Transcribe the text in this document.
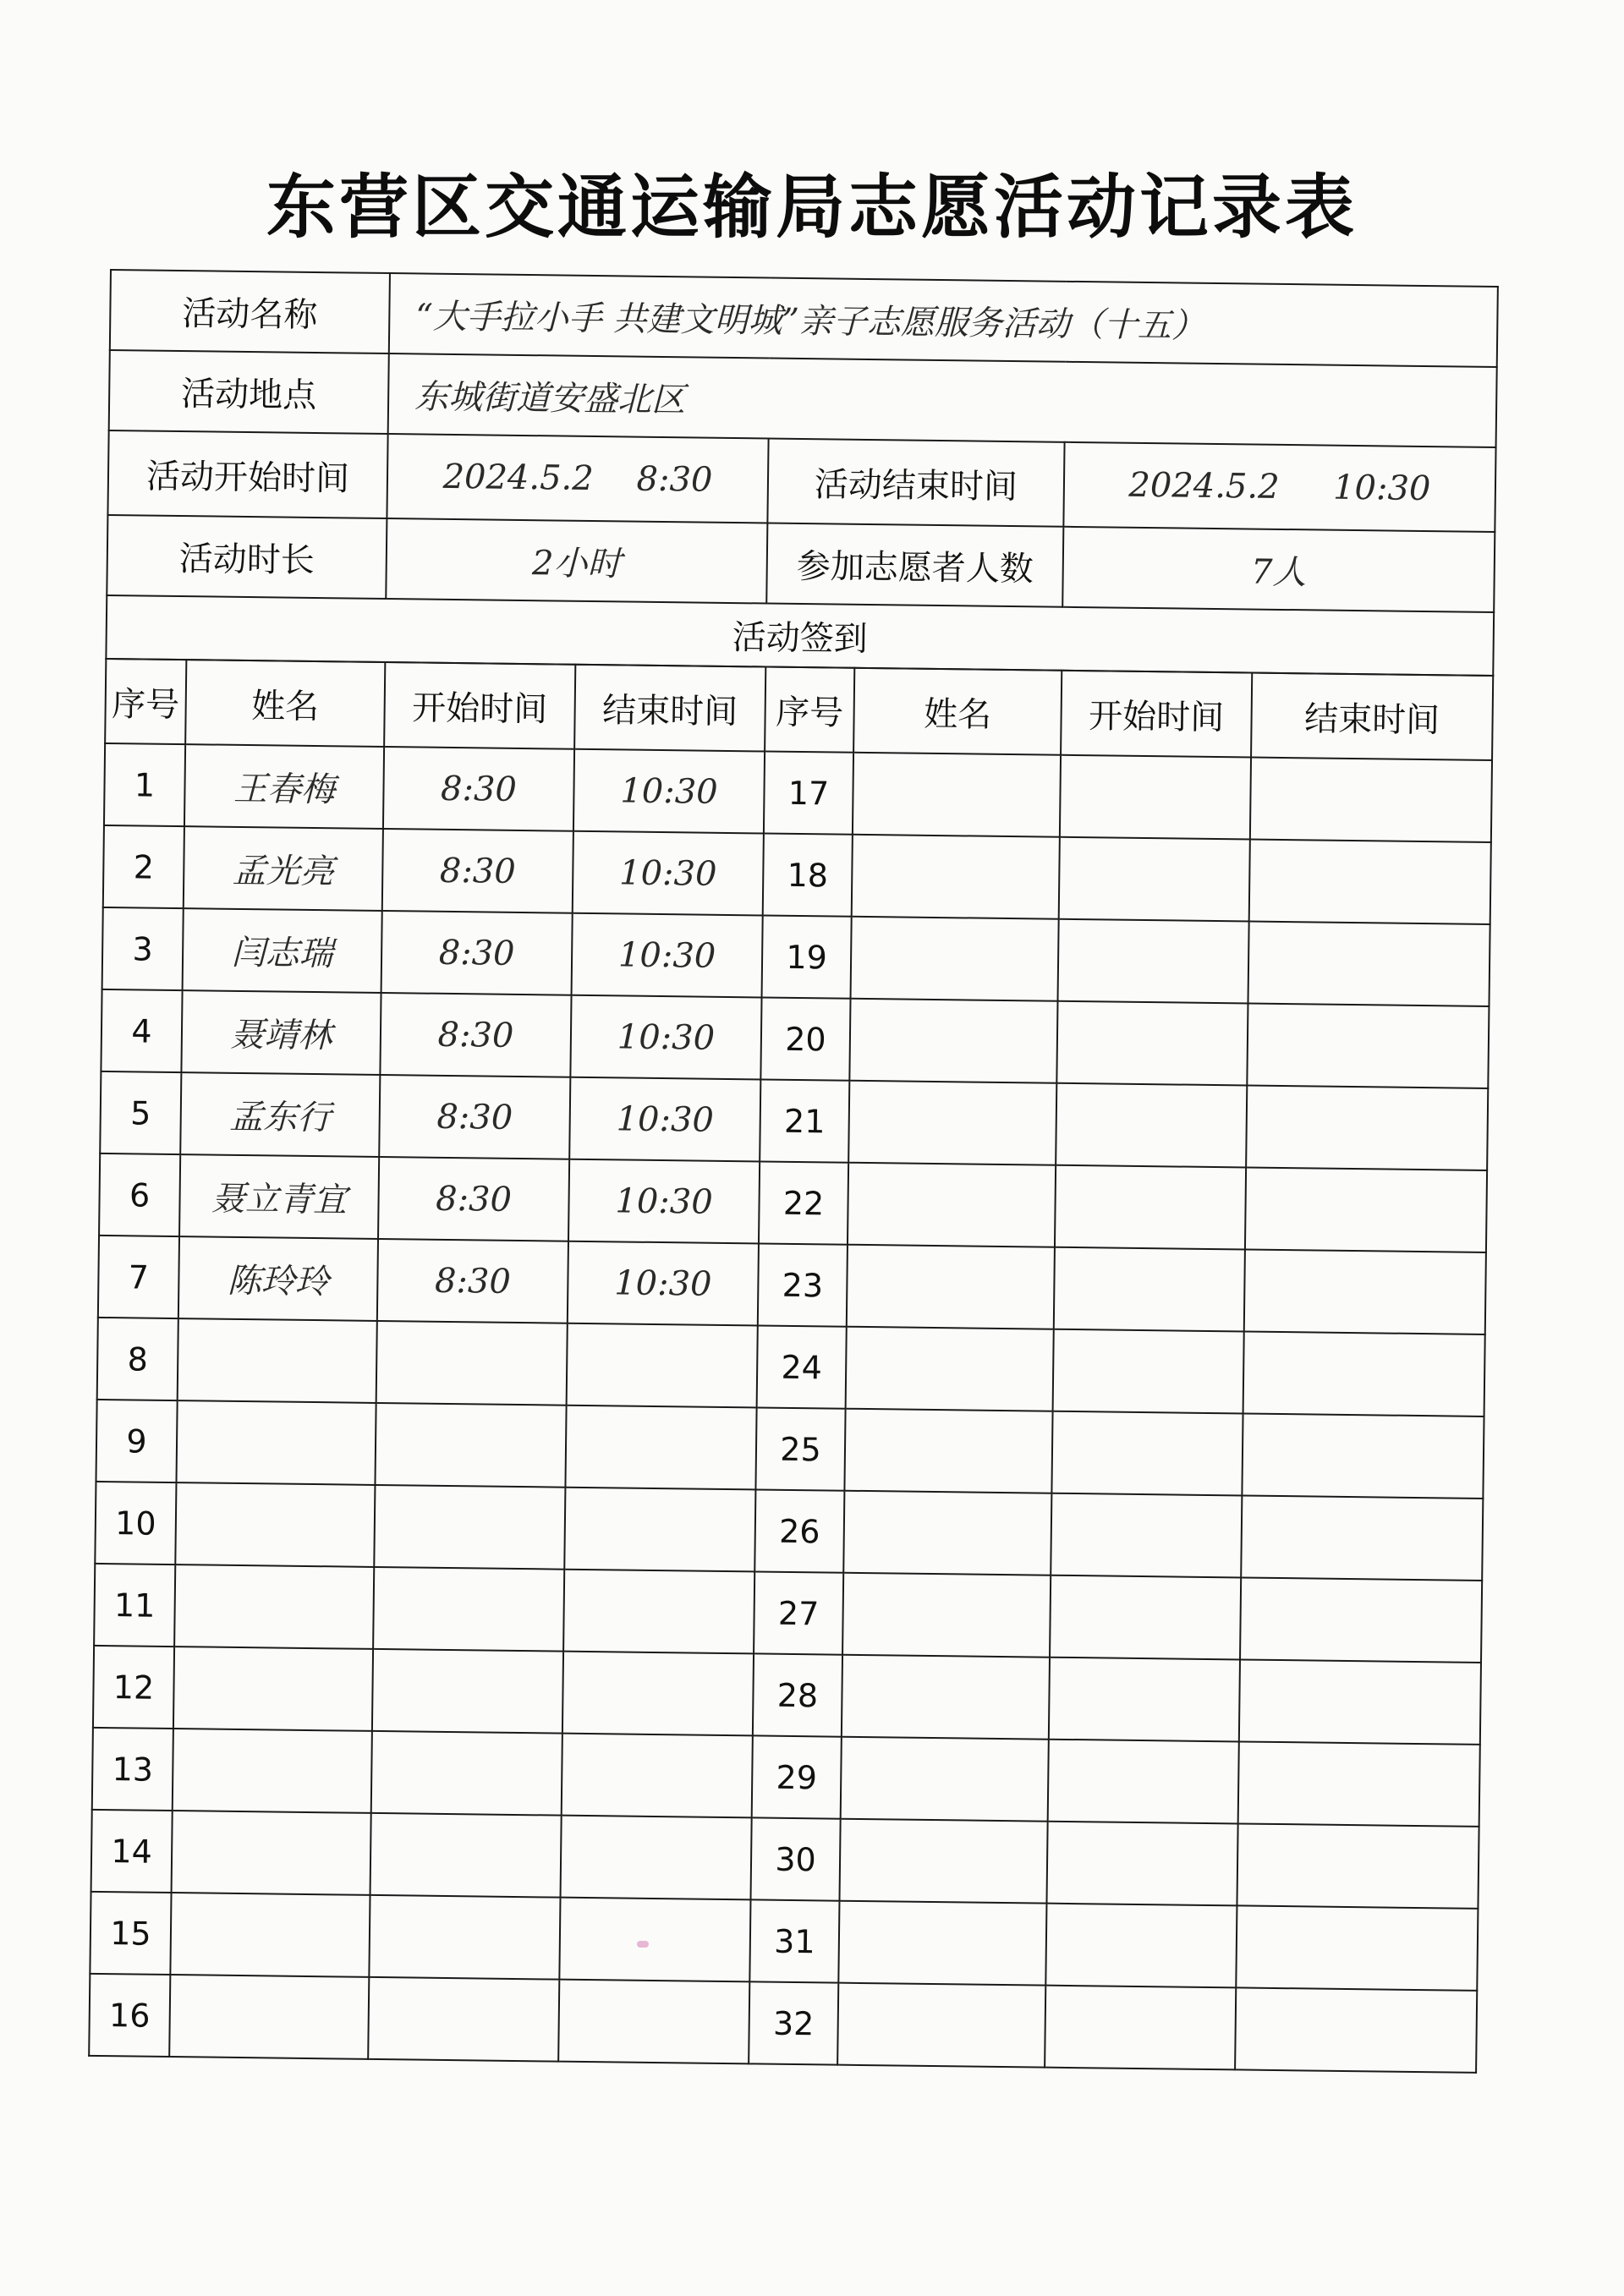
东营区交通运输局志愿活动记录表
活动名称	“大手拉小手 共建文明城”亲子志愿服务活动（十五）		
活动地点	东城街道安盛北区		
活动开始时间	2024.5.2    8:30	活动结束时间	2024.5.2     10:30
活动时长	2小时	参加志愿者人数	7人
活动签到			
序号	姓名	开始时间	结束时间	序号	姓名	开始时间	结束时间
1	王春梅	8:30	10:30	17			
2	孟光亮	8:30	10:30	18			
3	闫志瑞	8:30	10:30	19			
4	聂靖林	8:30	10:30	20			
5	孟东行	8:30	10:30	21			
6	聂立青宜	8:30	10:30	22			
7	陈玲玲	8:30	10:30	23			
8				24			
9				25			
10				26			
11				27			
12				28			
13				29			
14				30			
15				31			
16				32			
